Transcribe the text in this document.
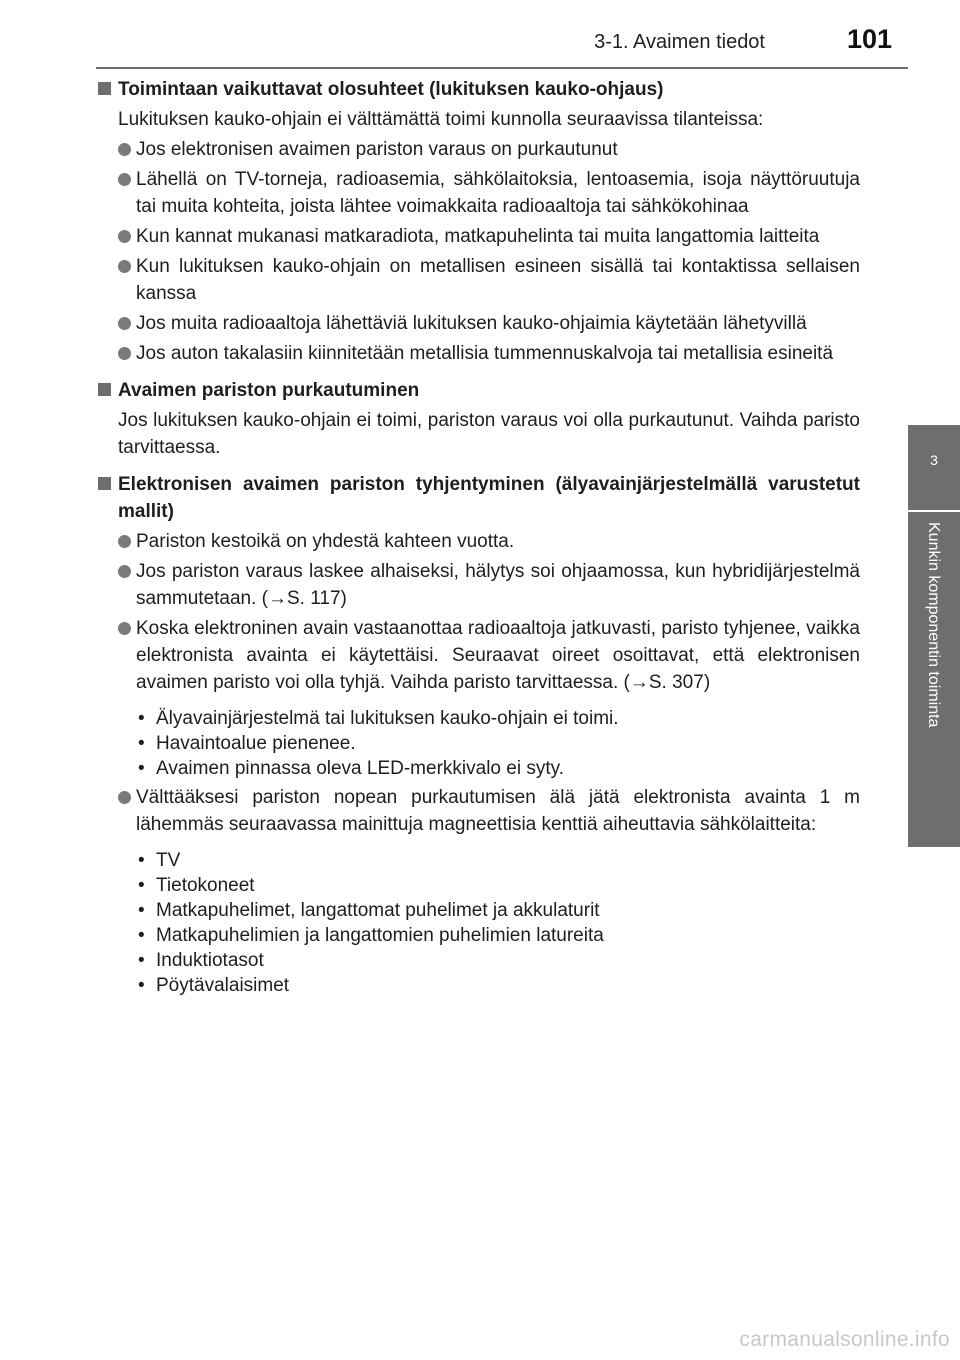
3-1. Avaimen tiedot	101
3
Kunkin komponentin toiminta
Toimintaan vaikuttavat olosuhteet (lukituksen kauko-ohjaus)

Lukituksen kauko-ohjain ei välttämättä toimi kunnolla seuraavissa tilanteissa:

Jos elektronisen avaimen pariston varaus on purkautunut
Lähellä on TV-torneja, radioasemia, sähkölaitoksia, lentoasemia, isoja näyttöruutuja tai muita kohteita, joista lähtee voimakkaita radioaaltoja tai sähkökohinaa
Kun kannat mukanasi matkaradiota, matkapuhelinta tai muita langattomia laitteita
Kun lukituksen kauko-ohjain on metallisen esineen sisällä tai kontaktissa sellaisen kanssa
Jos muita radioaaltoja lähettäviä lukituksen kauko-ohjaimia käytetään lähetyvillä
Jos auton takalasiin kiinnitetään metallisia tummennuskalvoja tai metallisia esineitä
Avaimen pariston purkautuminen

Jos lukituksen kauko-ohjain ei toimi, pariston varaus voi olla purkautunut. Vaihda paristo tarvittaessa.

Elektronisen avaimen pariston tyhjentyminen (älyavainjärjestelmällä varustetut mallit)
Pariston kestoikä on yhdestä kahteen vuotta.
Jos pariston varaus laskee alhaiseksi, hälytys soi ohjaamossa, kun hybridijärjestelmä sammutetaan. (→S. 117)
Koska elektroninen avain vastaanottaa radioaaltoja jatkuvasti, paristo tyhjenee, vaikka elektronista avainta ei käytettäisi. Seuraavat oireet osoittavat, että elektronisen avaimen paristo voi olla tyhjä. Vaihda paristo tarvittaessa. (→S. 307)
• Älyavainjärjestelmä tai lukituksen kauko-ohjain ei toimi.
• Havaintoalue pienenee.
• Avaimen pinnassa oleva LED-merkkivalo ei syty.
Välttääksesi pariston nopean purkautumisen älä jätä elektronista avainta 1 m lähemmäs seuraavassa mainittuja magneettisia kenttiä aiheuttavia sähkölaitteita:
• TV
• Tietokoneet
• Matkapuhelimet, langattomat puhelimet ja akkulaturit
• Matkapuhelimien ja langattomien puhelimien latureita
• Induktiotasot
• Pöytävalaisimet
carmanualsonline.info
